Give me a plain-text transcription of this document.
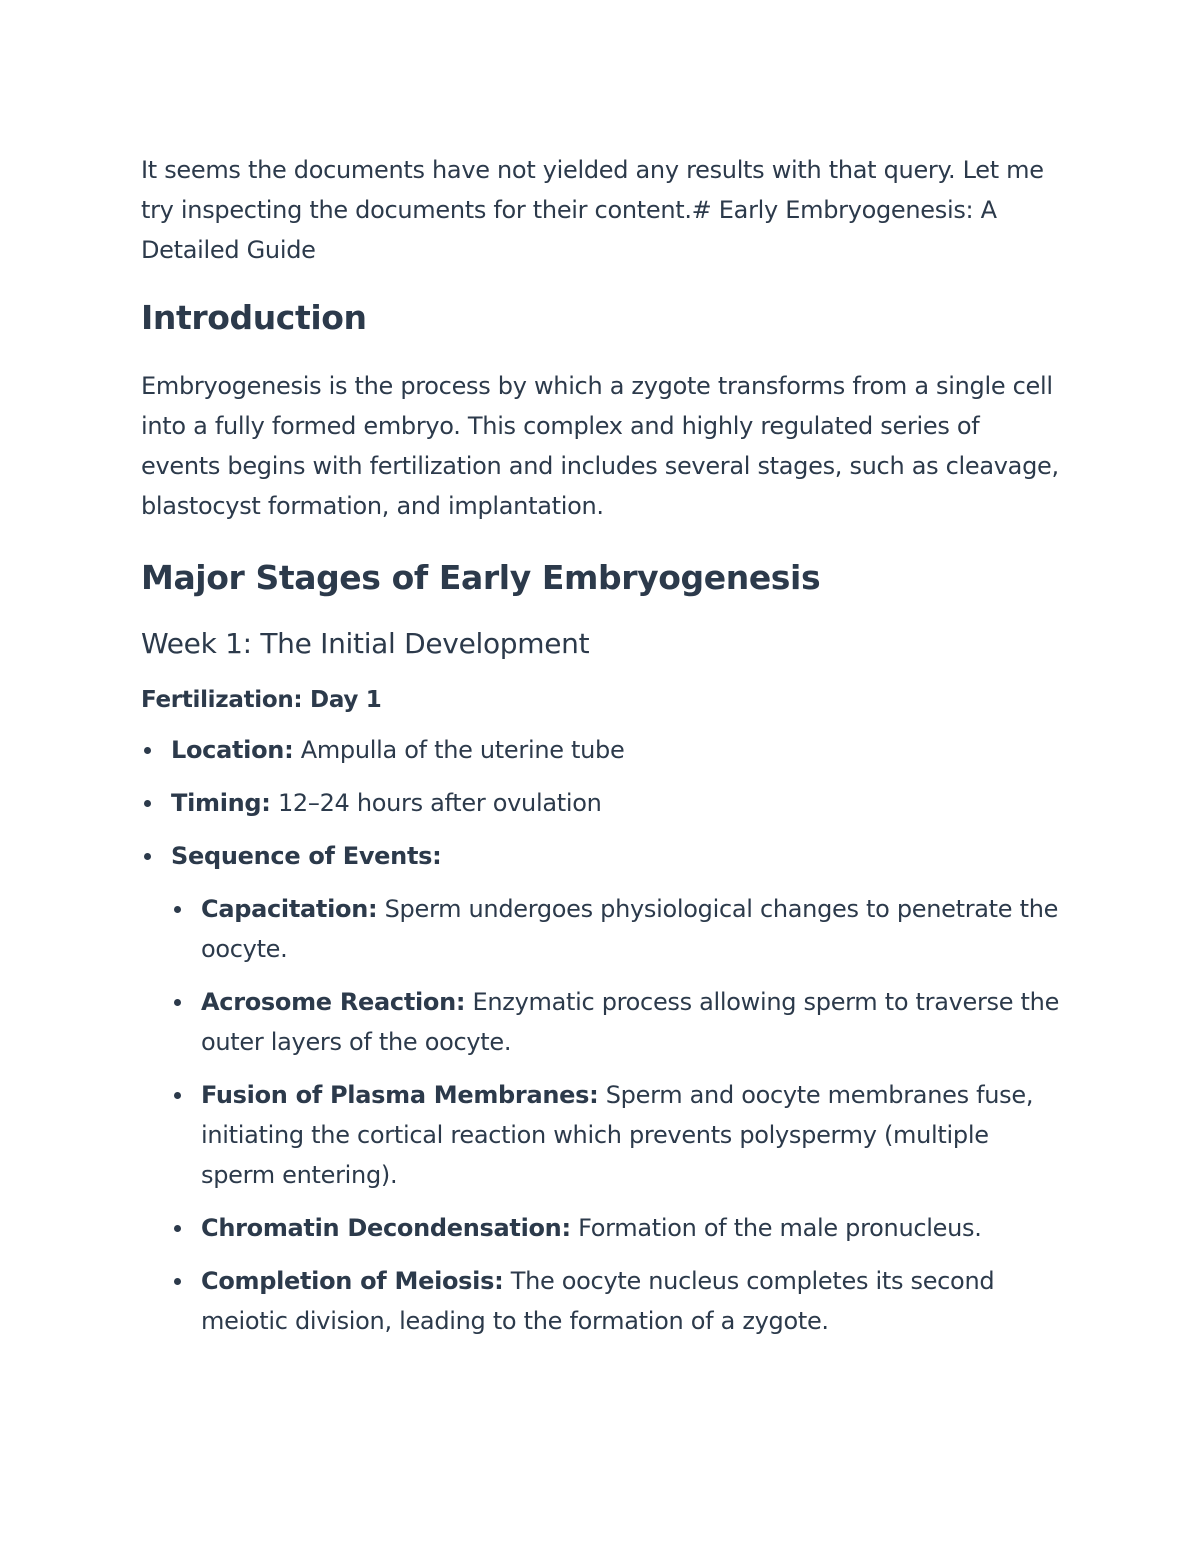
It seems the documents have not yielded any results with that query. Let me try inspecting the documents for their content.# Early Embryogenesis: A Detailed Guide

Introduction

Embryogenesis is the process by which a zygote transforms from a single cell into a fully formed embryo. This complex and highly regulated series of events begins with fertilization and includes several stages, such as cleavage, blastocyst formation, and implantation.

Major Stages of Early Embryogenesis
Week 1: The Initial Development
Fertilization: Day 1
Location: Ampulla of the uterine tube
Timing: 12–24 hours after ovulation
Sequence of Events:
Capacitation: Sperm undergoes physiological changes to penetrate the oocyte.
Acrosome Reaction: Enzymatic process allowing sperm to traverse the outer layers of the oocyte.
Fusion of Plasma Membranes: Sperm and oocyte membranes fuse, initiating the cortical reaction which prevents polyspermy (multiple sperm entering).
Chromatin Decondensation: Formation of the male pronucleus.
Completion of Meiosis: The oocyte nucleus completes its second meiotic division, leading to the formation of a zygote.
